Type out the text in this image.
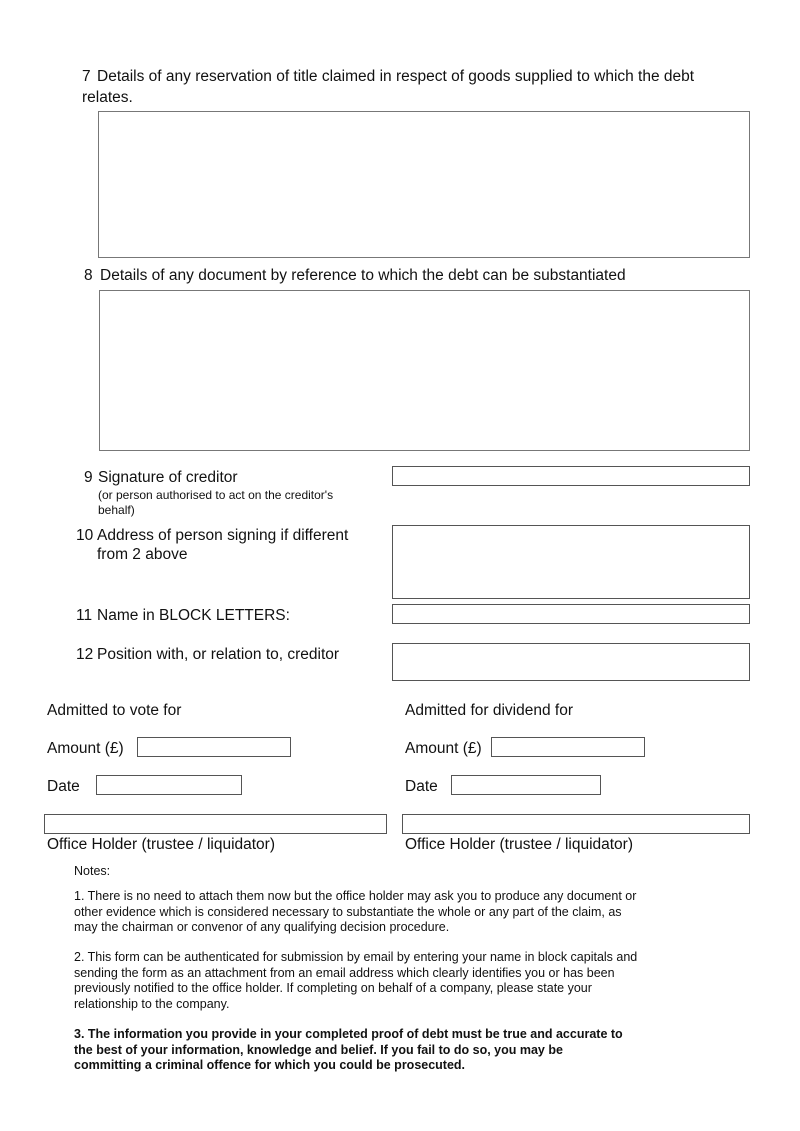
7 Details of any reservation of title claimed in respect of goods supplied to which the debt
relates.
8 Details of any document by reference to which the debt can be substantiated
9 Signature of creditor
(or person authorised to act on the creditor's
behalf)
10 Address of person signing if different
from 2 above
11 Name in BLOCK LETTERS:
12 Position with, or relation to, creditor
Admitted to vote for
Amount (£)
Date
Office Holder (trustee / liquidator)
Admitted for dividend for
Amount (£)
Date
Office Holder (trustee / liquidator)
Notes:
1. There is no need to attach them now but the office holder may ask you to produce any document or
other evidence which is considered necessary to substantiate the whole or any part of the claim, as
may the chairman or convenor of any qualifying decision procedure.
2. This form can be authenticated for submission by email by entering your name in block capitals and
sending the form as an attachment from an email address which clearly identifies you or has been
previously notified to the office holder. If completing on behalf of a company, please state your
relationship to the company.
3. The information you provide in your completed proof of debt must be true and accurate to
the best of your information, knowledge and belief. If you fail to do so, you may be
committing a criminal offence for which you could be prosecuted.
